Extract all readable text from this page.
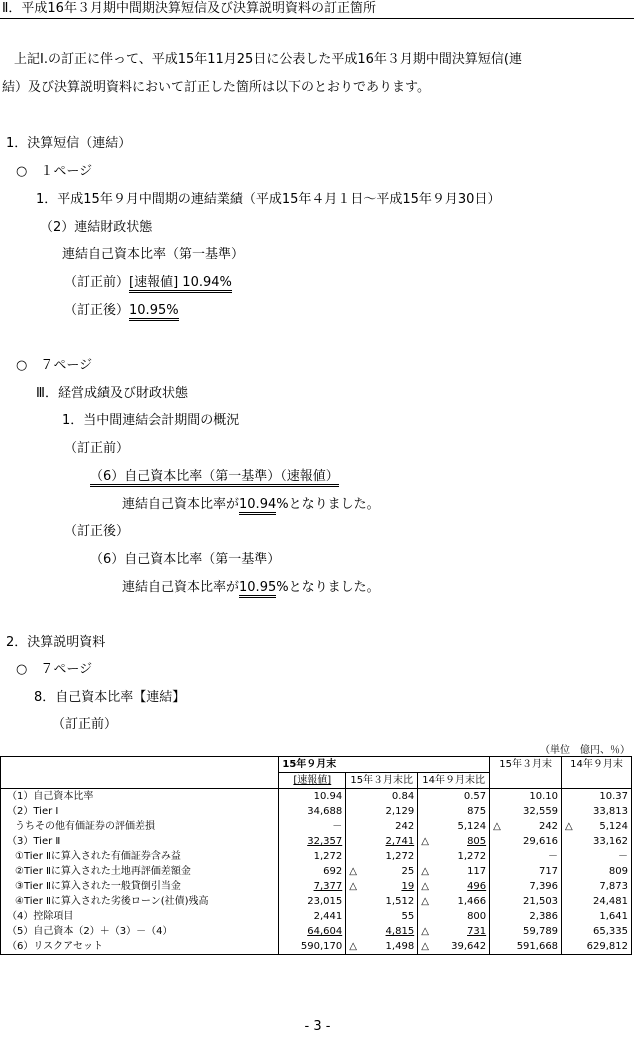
Ⅱ．平成16年３月期中間期決算短信及び決算説明資料の訂正箇所
上記Ⅰ.の訂正に伴って、平成15年11月25日に公表した平成16年３月期中間決算短信(連
結）及び決算説明資料において訂正した箇所は以下のとおりであります。
1．決算短信（連結）
○　１ページ
1．平成15年９月中間期の連結業績（平成15年４月１日～平成15年９月30日）
（2）連結財政状態
連結自己資本比率（第一基準）
（訂正前）[速報値] 10.94%
（訂正後）10.95%
○　７ページ
Ⅲ．経営成績及び財政状態
1．当中間連結会計期間の概況
（訂正前）
（6）自己資本比率（第一基準）（速報値）
連結自己資本比率が10.94%となりました。
（訂正後）
（6）自己資本比率（第一基準）
連結自己資本比率が10.95%となりました。
2．決算説明資料
○　７ページ
8．自己資本比率【連結】
（訂正前）
（単位　億円、％）
	15年９月末			15年３月末	14年９月末
	[速報値]	15年３月末比	14年９月末比		
（1）自己資本比率	10.94	0.84	0.57	10.10	10.37
（2）Tier Ⅰ	34,688	2,129	875	32,559	33,813
うちその他有価証券の評価差損	－	242	5,124	△ 242	△ 5,124
（3）Tier Ⅱ	32,357	2,741	△ 805	29,616	33,162
①Tier Ⅱに算入された有価証券含み益	1,272	1,272	1,272	－	－
②Tier Ⅱに算入された土地再評価差額金	692	△ 25	△ 117	717	809
③Tier Ⅱに算入された一般貸倒引当金	7,377	△ 19	△ 496	7,396	7,873
④Tier Ⅱに算入された劣後ローン(社債)残高	23,015	1,512	△ 1,466	21,503	24,481
（4）控除項目	2,441	55	800	2,386	1,641
（5）自己資本（2）＋（3）－（4）	64,604	4,815	△ 731	59,789	65,335
（6）リスクアセット	590,170	△ 1,498	△ 39,642	591,668	629,812
- 3 -
